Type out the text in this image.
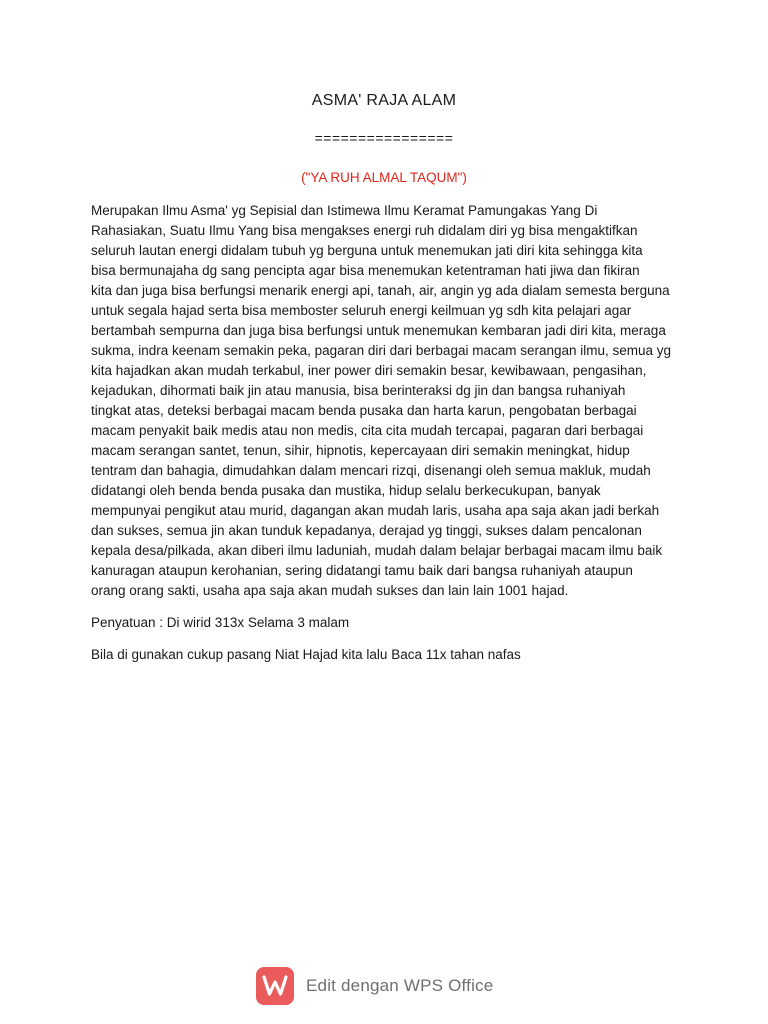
ASMA' RAJA ALAM
================
("YA RUH ALMAL TAQUM")

Merupakan Ilmu Asma' yg Sepisial dan Istimewa Ilmu Keramat Pamungakas Yang Di
Rahasiakan, Suatu Ilmu Yang bisa mengakses energi ruh didalam diri yg bisa mengaktifkan
seluruh lautan energi didalam tubuh yg berguna untuk menemukan jati diri kita sehingga kita
bisa bermunajaha dg sang pencipta agar bisa menemukan ketentraman hati jiwa dan fikiran
kita dan juga bisa berfungsi menarik energi api, tanah, air, angin yg ada dialam semesta berguna
untuk segala hajad serta bisa memboster seluruh energi keilmuan yg sdh kita pelajari agar
bertambah sempurna dan juga bisa berfungsi untuk menemukan kembaran jadi diri kita, meraga
sukma, indra keenam semakin peka, pagaran diri dari berbagai macam serangan ilmu, semua yg
kita hajadkan akan mudah terkabul, iner power diri semakin besar, kewibawaan, pengasihan,
kejadukan, dihormati baik jin atau manusia, bisa berinteraksi dg jin dan bangsa ruhaniyah
tingkat atas, deteksi berbagai macam benda pusaka dan harta karun, pengobatan berbagai
macam penyakit baik medis atau non medis, cita cita mudah tercapai, pagaran dari berbagai
macam serangan santet, tenun, sihir, hipnotis, kepercayaan diri semakin meningkat, hidup
tentram dan bahagia, dimudahkan dalam mencari rizqi, disenangi oleh semua makluk, mudah
didatangi oleh benda benda pusaka dan mustika, hidup selalu berkecukupan, banyak
mempunyai pengikut atau murid, dagangan akan mudah laris, usaha apa saja akan jadi berkah
dan sukses, semua jin akan tunduk kepadanya, derajad yg tinggi, sukses dalam pencalonan
kepala desa/pilkada, akan diberi ilmu laduniah, mudah dalam belajar berbagai macam ilmu baik
kanuragan ataupun kerohanian, sering didatangi tamu baik dari bangsa ruhaniyah ataupun
orang orang sakti, usaha apa saja akan mudah sukses dan lain lain 1001 hajad.

Penyatuan : Di wirid 313x Selama 3 malam

Bila di gunakan cukup pasang Niat Hajad kita lalu Baca 11x tahan nafas

Edit dengan WPS Office
